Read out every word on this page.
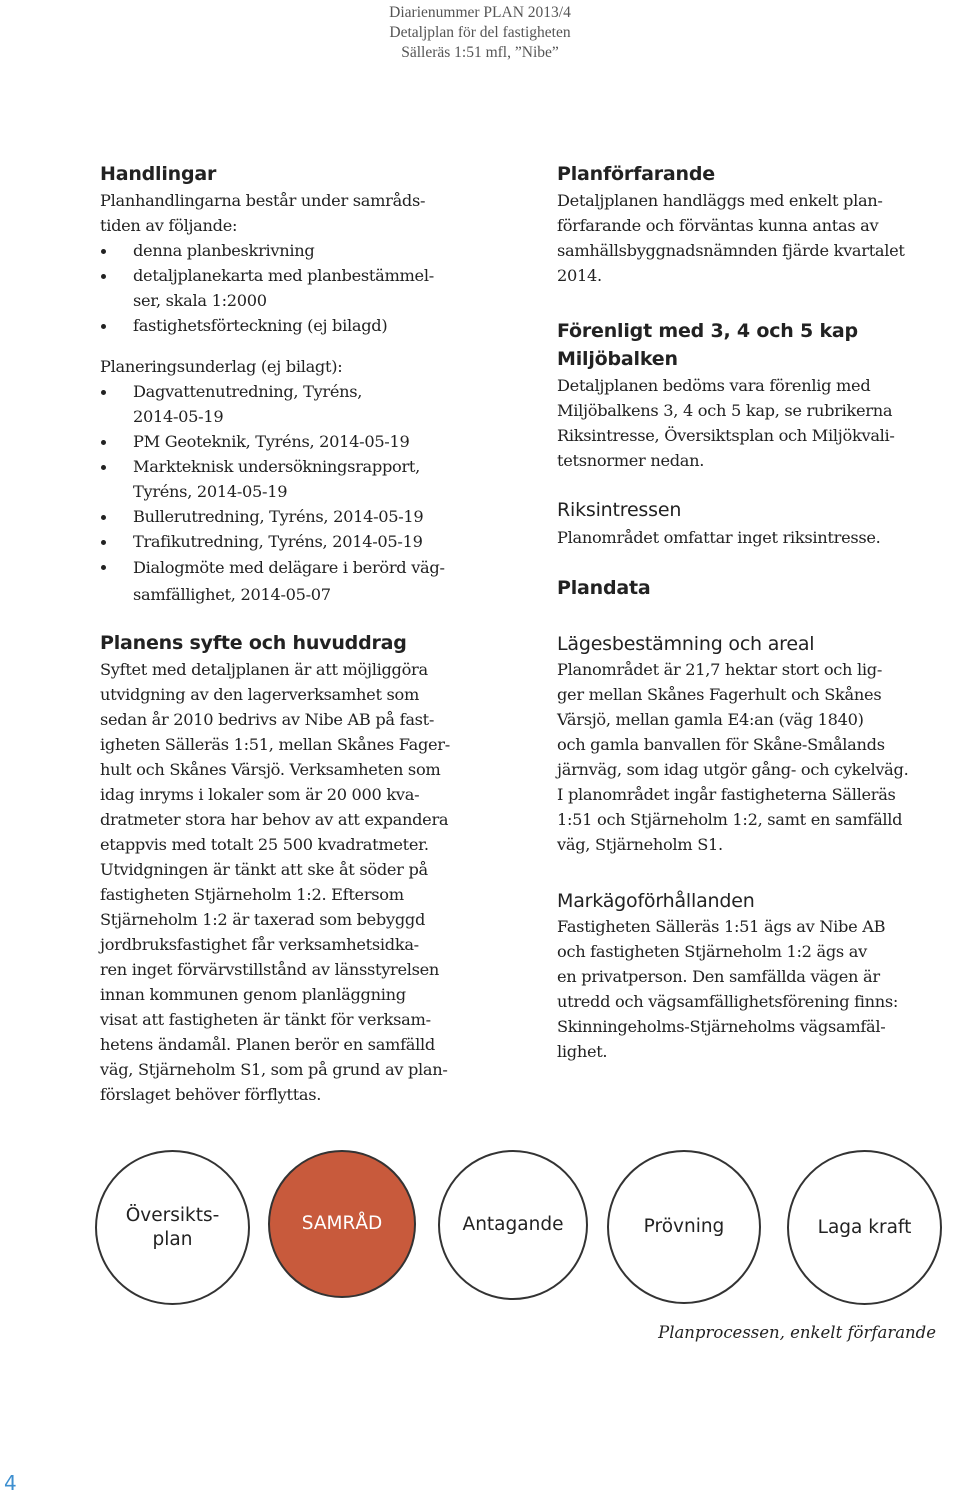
Diarienummer PLAN 2013/4
Detaljplan för del fastigheten
Sälleräs 1:51 mfl, ”Nibe”
Handlingar
Planhandlingarna består under samråds-
tiden av följande:
denna planbeskrivning
detaljplanekarta med planbestämmel-
ser, skala 1:2000
fastighetsförteckning (ej bilagd)
Planeringsunderlag (ej bilagt):
Dagvattenutredning, Tyréns,
2014-05-19
PM Geoteknik, Tyréns, 2014-05-19
Markteknisk undersökningsrapport,
Tyréns, 2014-05-19
Bullerutredning, Tyréns, 2014-05-19
Trafikutredning, Tyréns, 2014-05-19
Dialogmöte med delägare i berörd väg-
samfällighet, 2014-05-07
Planens syfte och huvuddrag
Syftet med detaljplanen är att möjliggöra
utvidgning av den lagerverksamhet som
sedan år 2010 bedrivs av Nibe AB på fast-
igheten Sälleräs 1:51, mellan Skånes Fager-
hult och Skånes Värsjö. Verksamheten som
idag inryms i lokaler som är 20 000 kva-
dratmeter stora har behov av att expandera
etappvis med totalt 25 500 kvadratmeter.
Utvidgningen är tänkt att ske åt söder på
fastigheten Stjärneholm 1:2. Eftersom
Stjärneholm 1:2 är taxerad som bebyggd
jordbruksfastighet får verksamhetsidka-
ren inget förvärvstillstånd av länsstyrelsen
innan kommunen genom planläggning
visat att fastigheten är tänkt för verksam-
hetens ändamål. Planen berör en samfälld
väg, Stjärneholm S1, som på grund av plan-
förslaget behöver förflyttas.
Planförfarande
Detaljplanen handläggs med enkelt plan-
förfarande och förväntas kunna antas av
samhällsbyggnadsnämnden fjärde kvartalet
2014.
Förenligt med 3, 4 och 5 kap
Miljöbalken
Detaljplanen bedöms vara förenlig med
Miljöbalkens 3, 4 och 5 kap, se rubrikerna
Riksintresse, Översiktsplan och Miljökvali-
tetsnormer nedan.
Riksintressen
Planområdet omfattar inget riksintresse.
Plandata
Lägesbestämning och areal
Planområdet är 21,7 hektar stort och lig-
ger mellan Skånes Fagerhult och Skånes
Värsjö, mellan gamla E4:an (väg 1840)
och gamla banvallen för Skåne-Smålands
järnväg, som idag utgör gång- och cykelväg.
I planområdet ingår fastigheterna Sälleräs
1:51 och Stjärneholm 1:2, samt en samfälld
väg, Stjärneholm S1.
Markägoförhållanden
Fastigheten Sälleräs 1:51 ägs av Nibe AB
och fastigheten Stjärneholm 1:2 ägs av
en privatperson. Den samfällda vägen är
utredd och vägsamfällighetsförening finns:
Skinningeholms-Stjärneholms vägsamfäl-
lighet.
Översikts-
plan
SAMRÅD	Antagande	Prövning	Laga kraft
Planprocessen, enkelt förfarande
4
